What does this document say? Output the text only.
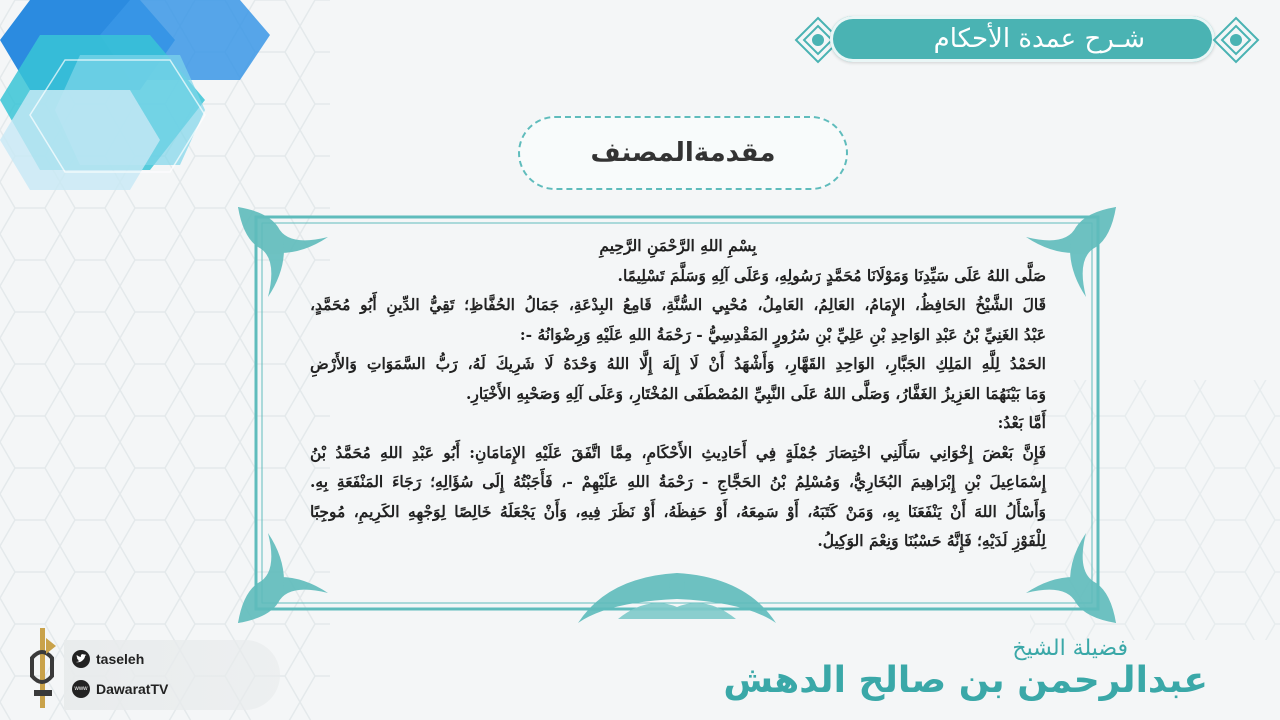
شـرح عمدة الأحكام
مقدمةالمصنف
بِسْمِ اللهِ الرَّحْمَنِ الرَّحِيمِ
صَلَّى اللهُ عَلَى سَيِّدِنَا وَمَوْلَانَا مُحَمَّدٍ رَسُولِهِ، وَعَلَى آلِهِ وَسَلَّمَ تَسْلِيمًا.
قَالَ الشَّيْخُ الحَافِظُ، الإِمَامُ، العَالِمُ، العَامِلُ، مُحْيِي السُّنَّةِ، قَامِعُ البِدْعَةِ، جَمَالُ الحُفَّاظِ؛ تَقِيُّ الدِّينِ أَبُو مُحَمَّدٍ،
عَبْدُ الغَنِيِّ بْنُ عَبْدِ الوَاحِدِ بْنِ عَلِيِّ بْنِ سُرُورٍ المَقْدِسِيُّ - رَحْمَةُ اللهِ عَلَيْهِ وَرِضْوَانُهُ -:
الحَمْدُ لِلَّهِ المَلِكِ الجَبَّارِ، الوَاحِدِ القَهَّارِ، وَأَشْهَدُ أَنْ لَا إِلَهَ إِلَّا اللهُ وَحْدَهُ لَا شَرِيكَ لَهُ، رَبُّ السَّمَوَاتِ وَالأَرْضِ
وَمَا بَيْنَهُمَا العَزِيزُ الغَفَّارُ، وَصَلَّى اللهُ عَلَى النَّبِيِّ المُصْطَفَى المُخْتَارِ، وَعَلَى آلِهِ وَصَحْبِهِ الأَخْيَارِ.
أَمَّا بَعْدُ:
فَإِنَّ بَعْضَ إِخْوَانِي سَأَلَنِي اخْتِصَارَ جُمْلَةٍ فِي أَحَادِيثِ الأَحْكَامِ، مِمَّا اتَّفَقَ عَلَيْهِ الإِمَامَانِ: أَبُو عَبْدِ اللهِ مُحَمَّدُ بْنُ
إِسْمَاعِيلَ بْنِ إِبْرَاهِيمَ البُخَارِيُّ، وَمُسْلِمُ بْنُ الحَجَّاجِ - رَحْمَةُ اللهِ عَلَيْهِمْ -، فَأَجَبْتُهُ إِلَى سُؤَالِهِ؛ رَجَاءَ المَنْفَعَةِ بِهِ.
وَأَسْأَلُ اللهَ أَنْ يَنْفَعَنَا بِهِ، وَمَنْ كَتَبَهُ، أَوْ سَمِعَهُ، أَوْ حَفِظَهُ، أَوْ نَظَرَ فِيهِ، وَأَنْ يَجْعَلَهُ خَالِصًا لِوَجْهِهِ الكَرِيمِ، مُوجِبًا
لِلْفَوْزِ لَدَيْهِ؛ فَإِنَّهُ حَسْبُنَا وَنِعْمَ الوَكِيلُ.
taseleh
www DawaratTV
فضيلة الشيخ
عبدالرحمن بن صالح الدهش
